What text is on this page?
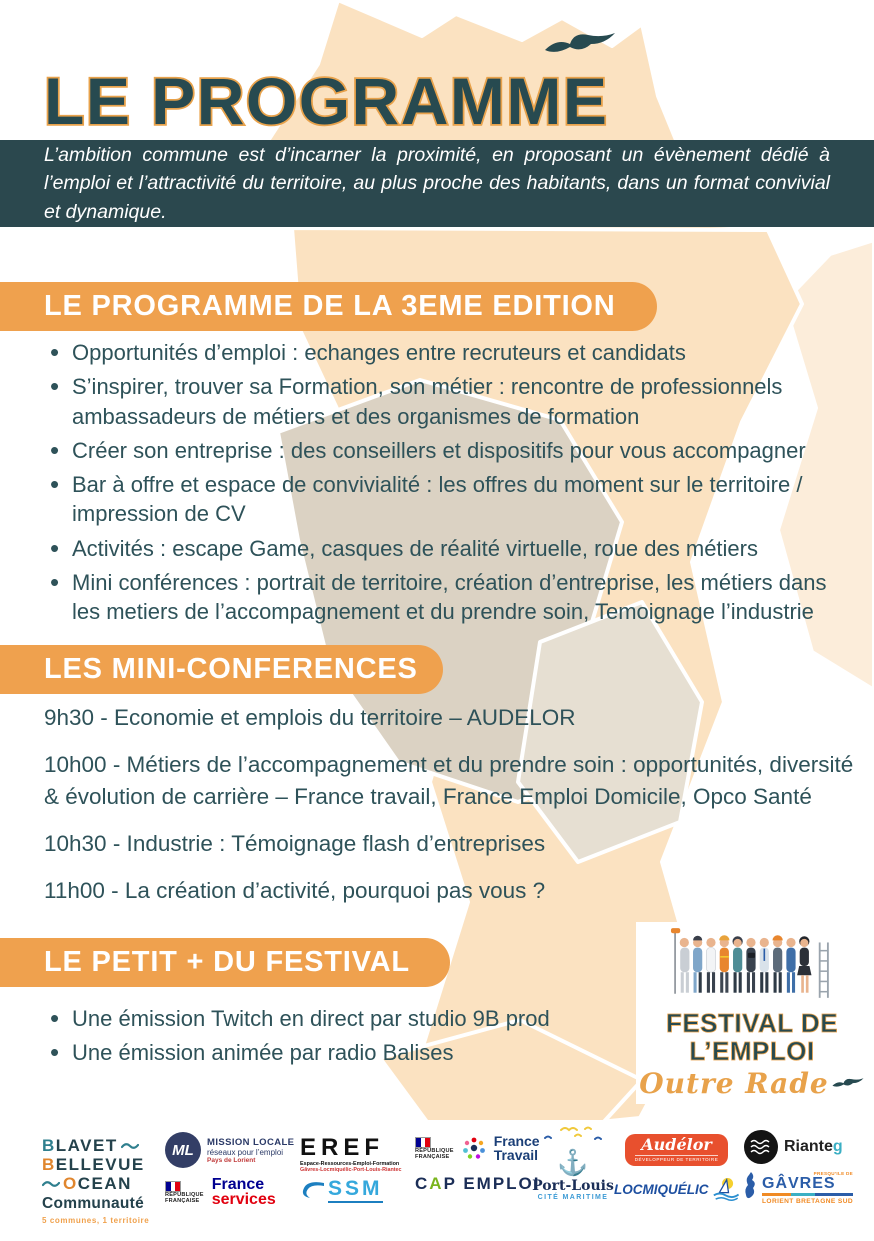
LE PROGRAMME

L’ambition commune est d’incarner la proximité, en proposant un évènement dédié à l’emploi et l’attractivité du territoire, au plus proche des habitants, dans un format convivial et dynamique.

LE PROGRAMME DE LA 3EME EDITION
• Opportunités d’emploi : echanges entre recruteurs et candidats
• S’inspirer, trouver sa Formation, son métier : rencontre de professionnels ambassadeurs de métiers et des organismes de formation
• Créer son entreprise : des conseillers et dispositifs pour vous accompagner
• Bar à offre et espace de convivialité : les offres du moment sur le territoire / impression de CV
• Activités : escape Game, casques de réalité virtuelle, roue des métiers
• Mini conférences : portrait de territoire, création d’entreprise, les métiers dans les metiers de l’accompagnement et du prendre soin, Temoignage l’industrie
LES MINI-CONFERENCES

9h30 - Economie et emplois du territoire – AUDELOR

10h00 - Métiers de l’accompagnement et du prendre soin : opportunités, diversité & évolution de carrière – France travail, France Emploi Domicile, Opco Santé

10h30 - Industrie : Témoignage flash d’entreprises

11h00 - La création d’activité, pourquoi pas vous ?

LE PETIT + DU FESTIVAL
• Une émission Twitch en direct par studio 9B prod
• Une émission animée par radio Balises
FESTIVAL DE
L’EMPLOI
Outre Rade
BLAVET
BELLEVUE
OCEAN
Communauté
5 communes, 1 territoire
ML	MISSION LOCALE
réseaux pour l’emploi
Pays de Lorient
RÉPUBLIQUE
FRANÇAISE
France
services
EREF
Espace-Ressources-Emploi-Formation
Gâvres-Locmiquélic-Port-Louis-Riantec
SSM
RÉPUBLIQUE
FRANÇAISE
France
Travail
CAP EMPLOI
⚓
Port-Louis
CITÉ MARITIME
Audélor
DÉVELOPPEUR DE TERRITOIRE
LOCMIQUÉLIC
Rianteg
PRESQU’ILE DE
GÂVRES
LORIENT BRETAGNE SUD
